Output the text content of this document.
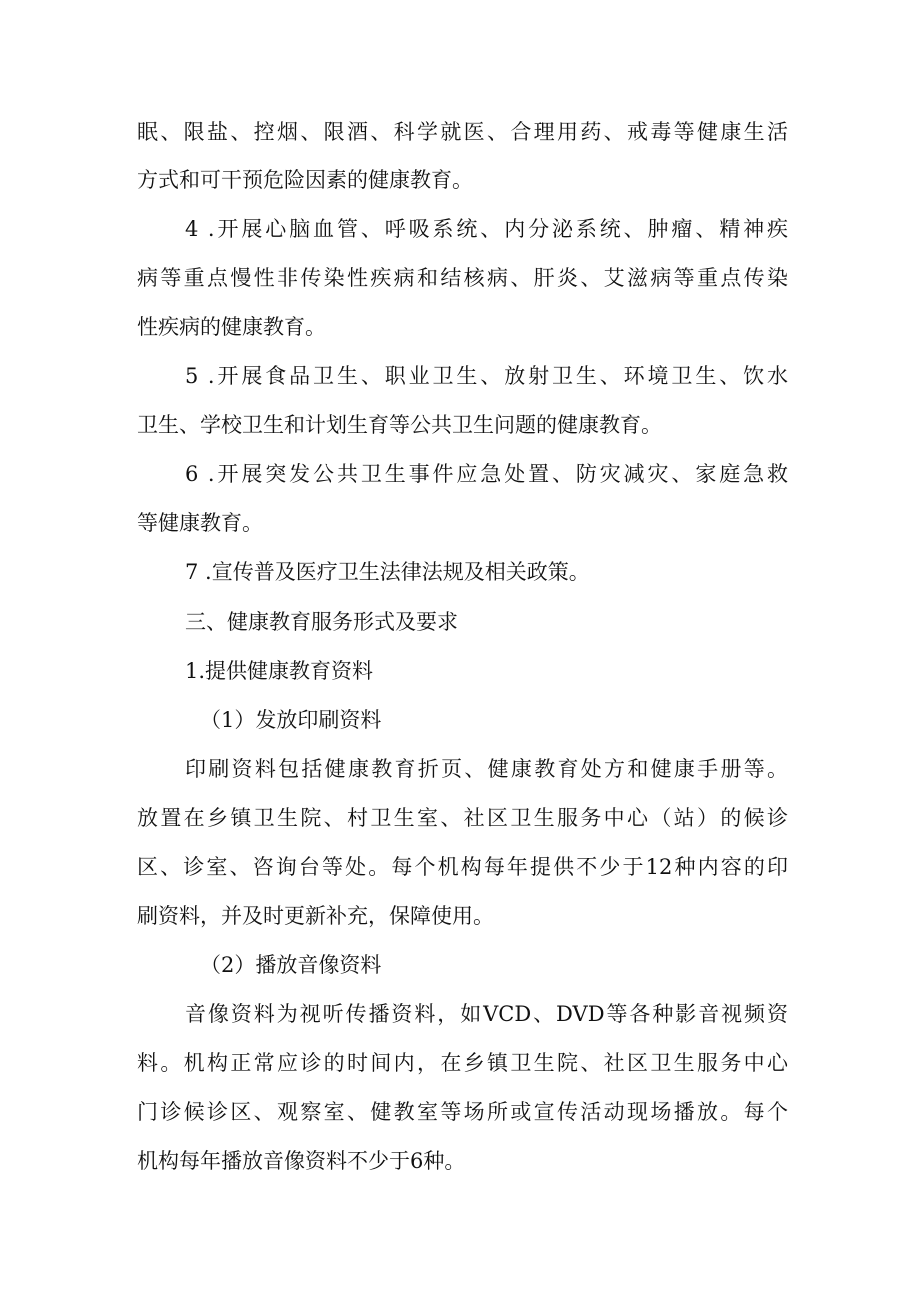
眠、限盐、控烟、限酒、科学就医、合理用药、戒毒等健康生活
方式和可干预危险因素的健康教育。
4 .开展心脑血管、呼吸系统、内分泌系统、肿瘤、精神疾
病等重点慢性非传染性疾病和结核病、肝炎、艾滋病等重点传染
性疾病的健康教育。
5 .开展食品卫生、职业卫生、放射卫生、环境卫生、饮水
卫生、学校卫生和计划生育等公共卫生问题的健康教育。
6 .开展突发公共卫生事件应急处置、防灾减灾、家庭急救
等健康教育。
7 .宣传普及医疗卫生法律法规及相关政策。
三、健康教育服务形式及要求
1.提供健康教育资料
（1）发放印刷资料
印刷资料包括健康教育折页、健康教育处方和健康手册等。
放置在乡镇卫生院、村卫生室、社区卫生服务中心（站）的候诊
区、诊室、咨询台等处。每个机构每年提供不少于12种内容的印
刷资料，并及时更新补充，保障使用。
（2）播放音像资料
音像资料为视听传播资料，如VCD、DVD等各种影音视频资
料。机构正常应诊的时间内，在乡镇卫生院、社区卫生服务中心
门诊候诊区、观察室、健教室等场所或宣传活动现场播放。每个
机构每年播放音像资料不少于6种。
